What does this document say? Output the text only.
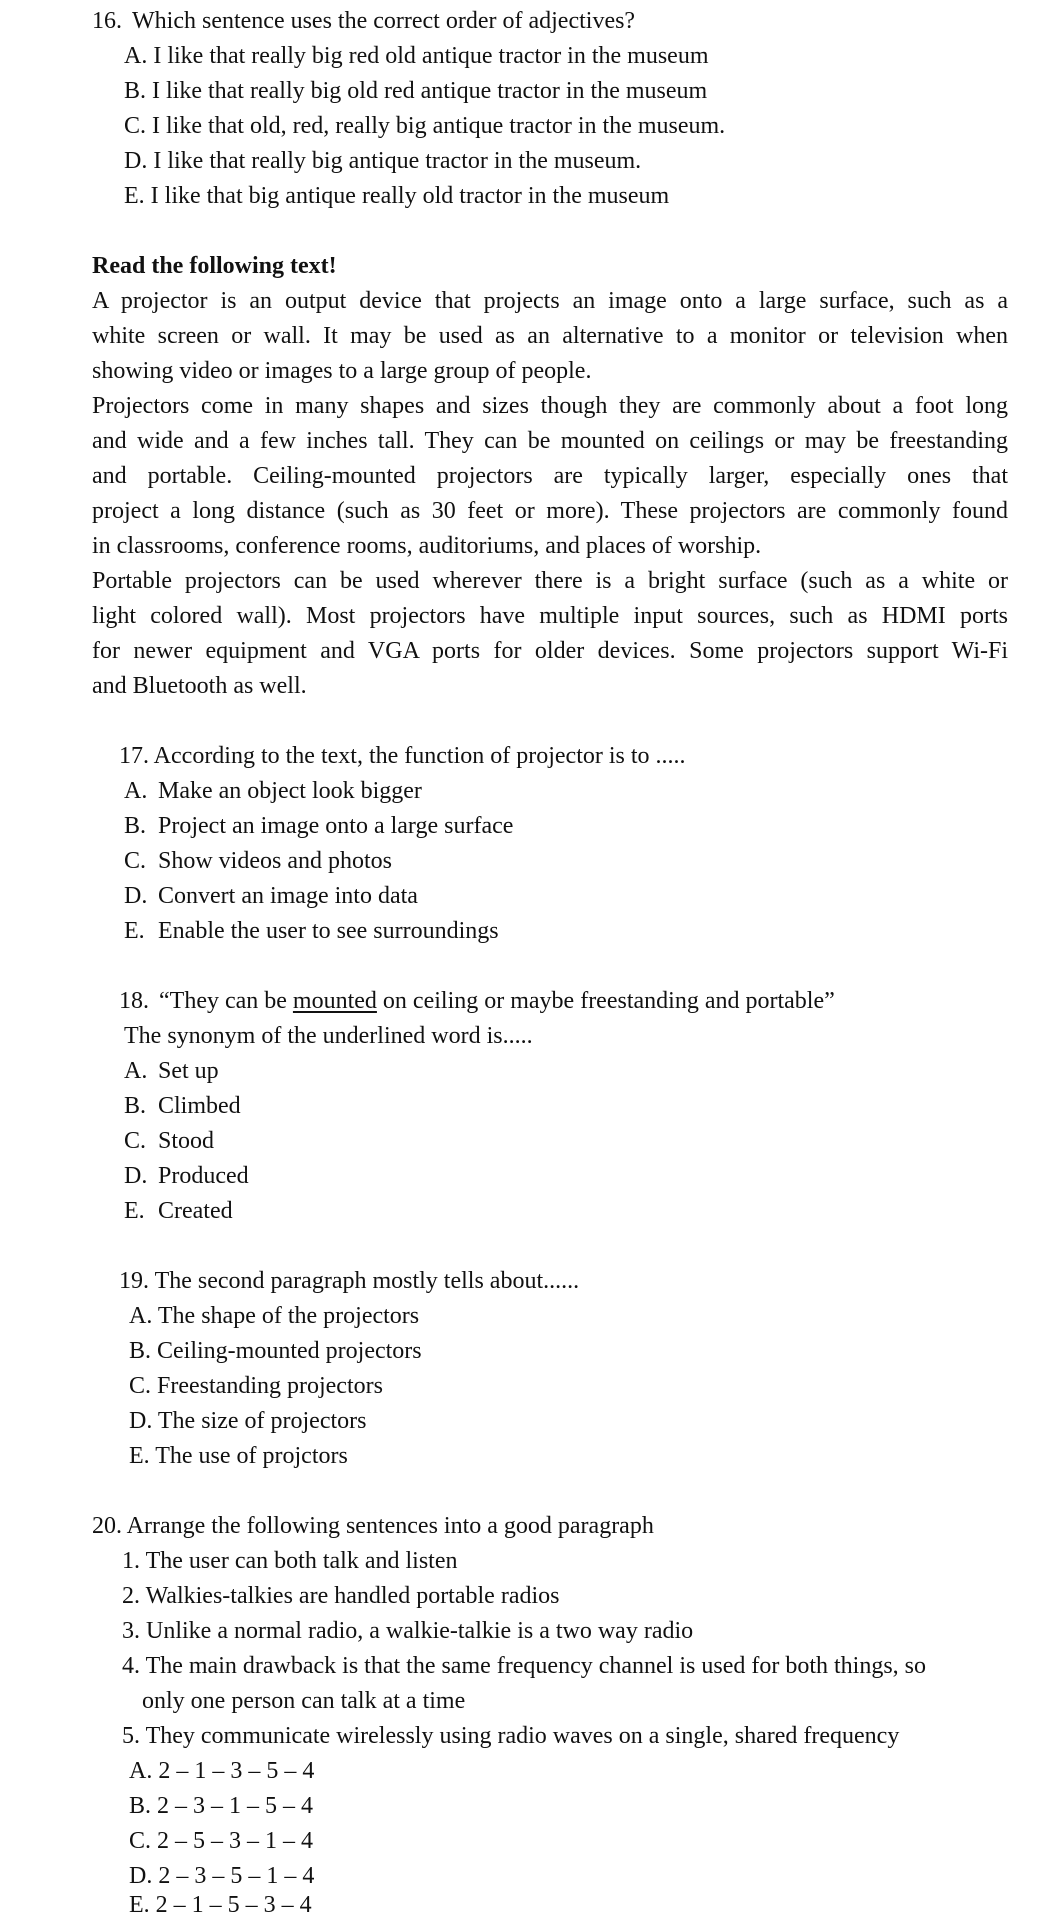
16. Which sentence uses the correct order of adjectives?
A. I like that really big red old antique tractor in the museum
B. I like that really big old red antique tractor in the museum
C. I like that old, red, really big antique tractor in the museum.
D. I like that really big antique tractor in the museum.
E. I like that big antique really old tractor in the museum
Read the following text!
A projector is an output device that projects an image onto a large surface, such as a
white screen or wall. It may be used as an alternative to a monitor or television when
showing video or images to a large group of people.
Projectors come in many shapes and sizes though they are commonly about a foot long
and wide and a few inches tall. They can be mounted on ceilings or may be freestanding
and portable. Ceiling-mounted projectors are typically larger, especially ones that
project a long distance (such as 30 feet or more). These projectors are commonly found
in classrooms, conference rooms, auditoriums, and places of worship.
Portable projectors can be used wherever there is a bright surface (such as a white or
light colored wall). Most projectors have multiple input sources, such as HDMI ports
for newer equipment and VGA ports for older devices. Some projectors support Wi-Fi
and Bluetooth as well.
17. According to the text, the function of projector is to .....
A. Make an object look bigger
B. Project an image onto a large surface
C. Show videos and photos
D. Convert an image into data
E. Enable the user to see surroundings
18. “They can be mounted on ceiling or maybe freestanding and portable”
The synonym of the underlined word is.....
A. Set up
B. Climbed
C. Stood
D. Produced
E. Created
19. The second paragraph mostly tells about......
A. The shape of the projectors
B. Ceiling-mounted projectors
C. Freestanding projectors
D. The size of projectors
E. The use of projctors
20. Arrange the following sentences into a good paragraph
1. The user can both talk and listen
2. Walkies-talkies are handled portable radios
3. Unlike a normal radio, a walkie-talkie is a two way radio
4. The main drawback is that the same frequency channel is used for both things, so
only one person can talk at a time
5. They communicate wirelessly using radio waves on a single, shared frequency
A. 2 – 1 – 3 – 5 – 4
B. 2 – 3 – 1 – 5 – 4
C. 2 – 5 – 3 – 1 – 4
D. 2 – 3 – 5 – 1 – 4
E. 2 – 1 – 5 – 3 – 4
